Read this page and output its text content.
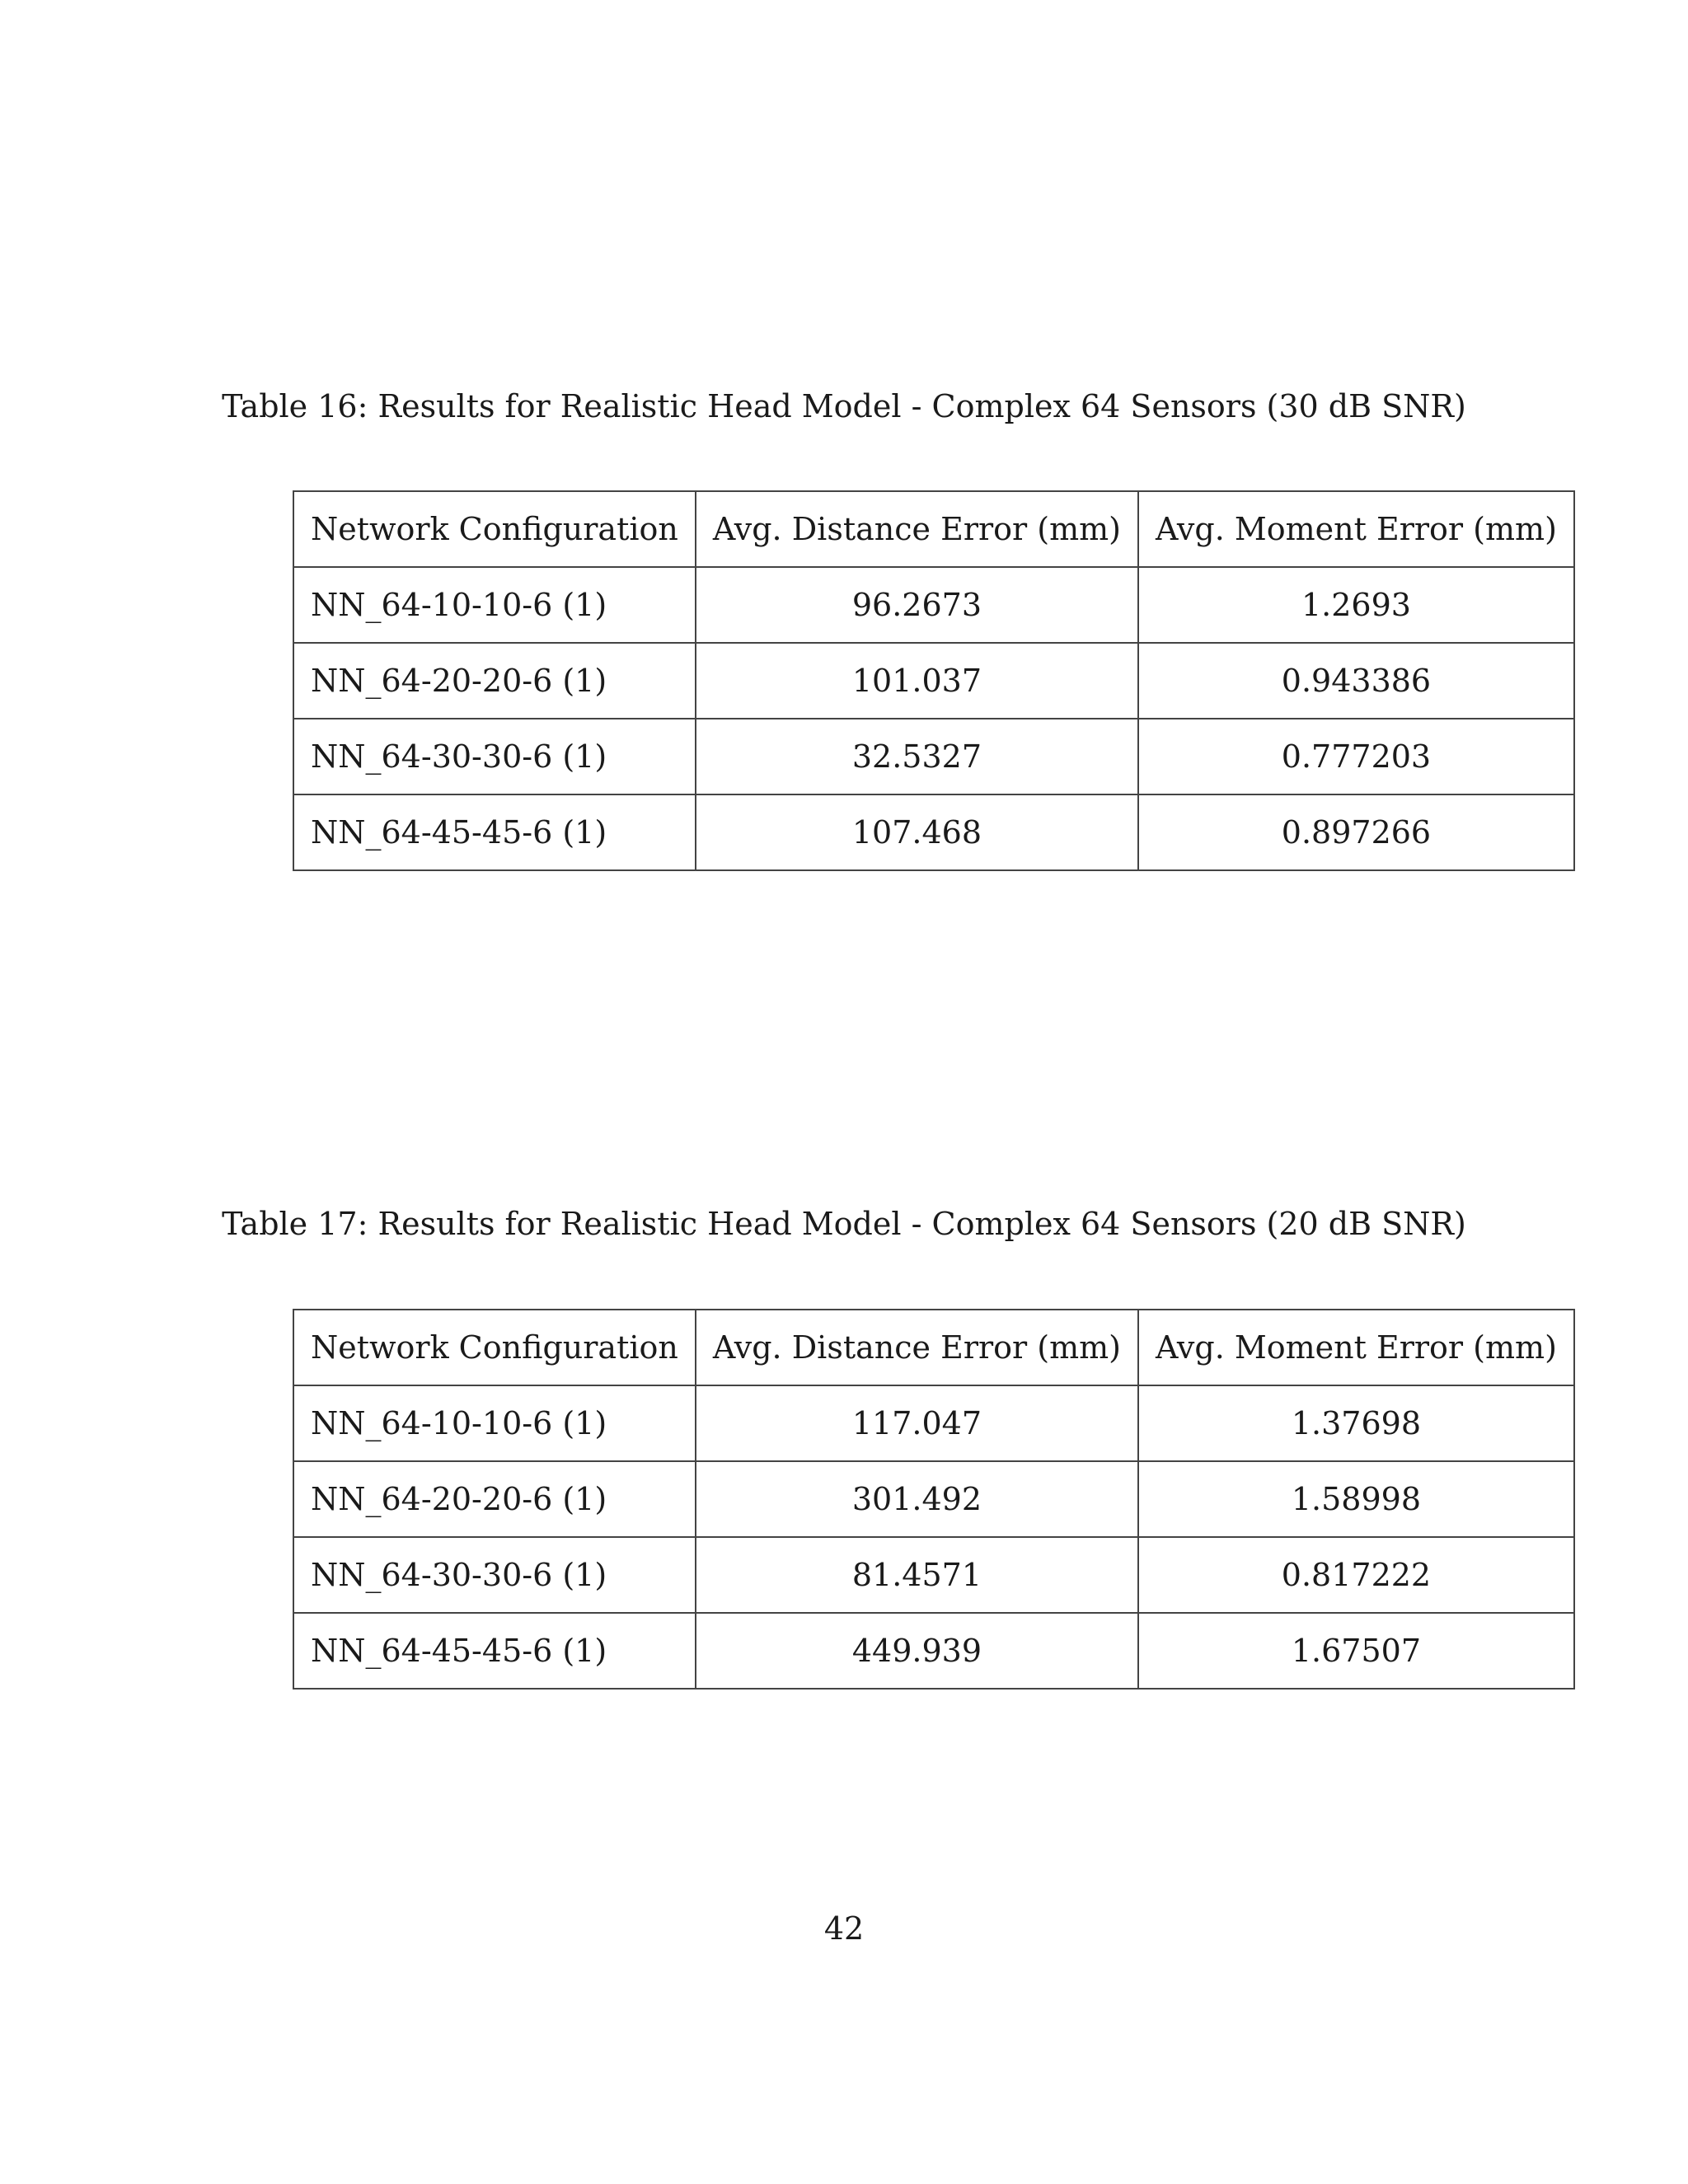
Table 16: Results for Realistic Head Model - Complex 64 Sensors (30 dB SNR)
Network Configuration	Avg. Distance Error (mm)	Avg. Moment Error (mm)
NN_64-10-10-6 (1)	96.2673	1.2693
NN_64-20-20-6 (1)	101.037	0.943386
NN_64-30-30-6 (1)	32.5327	0.777203
NN_64-45-45-6 (1)	107.468	0.897266
Table 17: Results for Realistic Head Model - Complex 64 Sensors (20 dB SNR)
Network Configuration	Avg. Distance Error (mm)	Avg. Moment Error (mm)
NN_64-10-10-6 (1)	117.047	1.37698
NN_64-20-20-6 (1)	301.492	1.58998
NN_64-30-30-6 (1)	81.4571	0.817222
NN_64-45-45-6 (1)	449.939	1.67507
42
